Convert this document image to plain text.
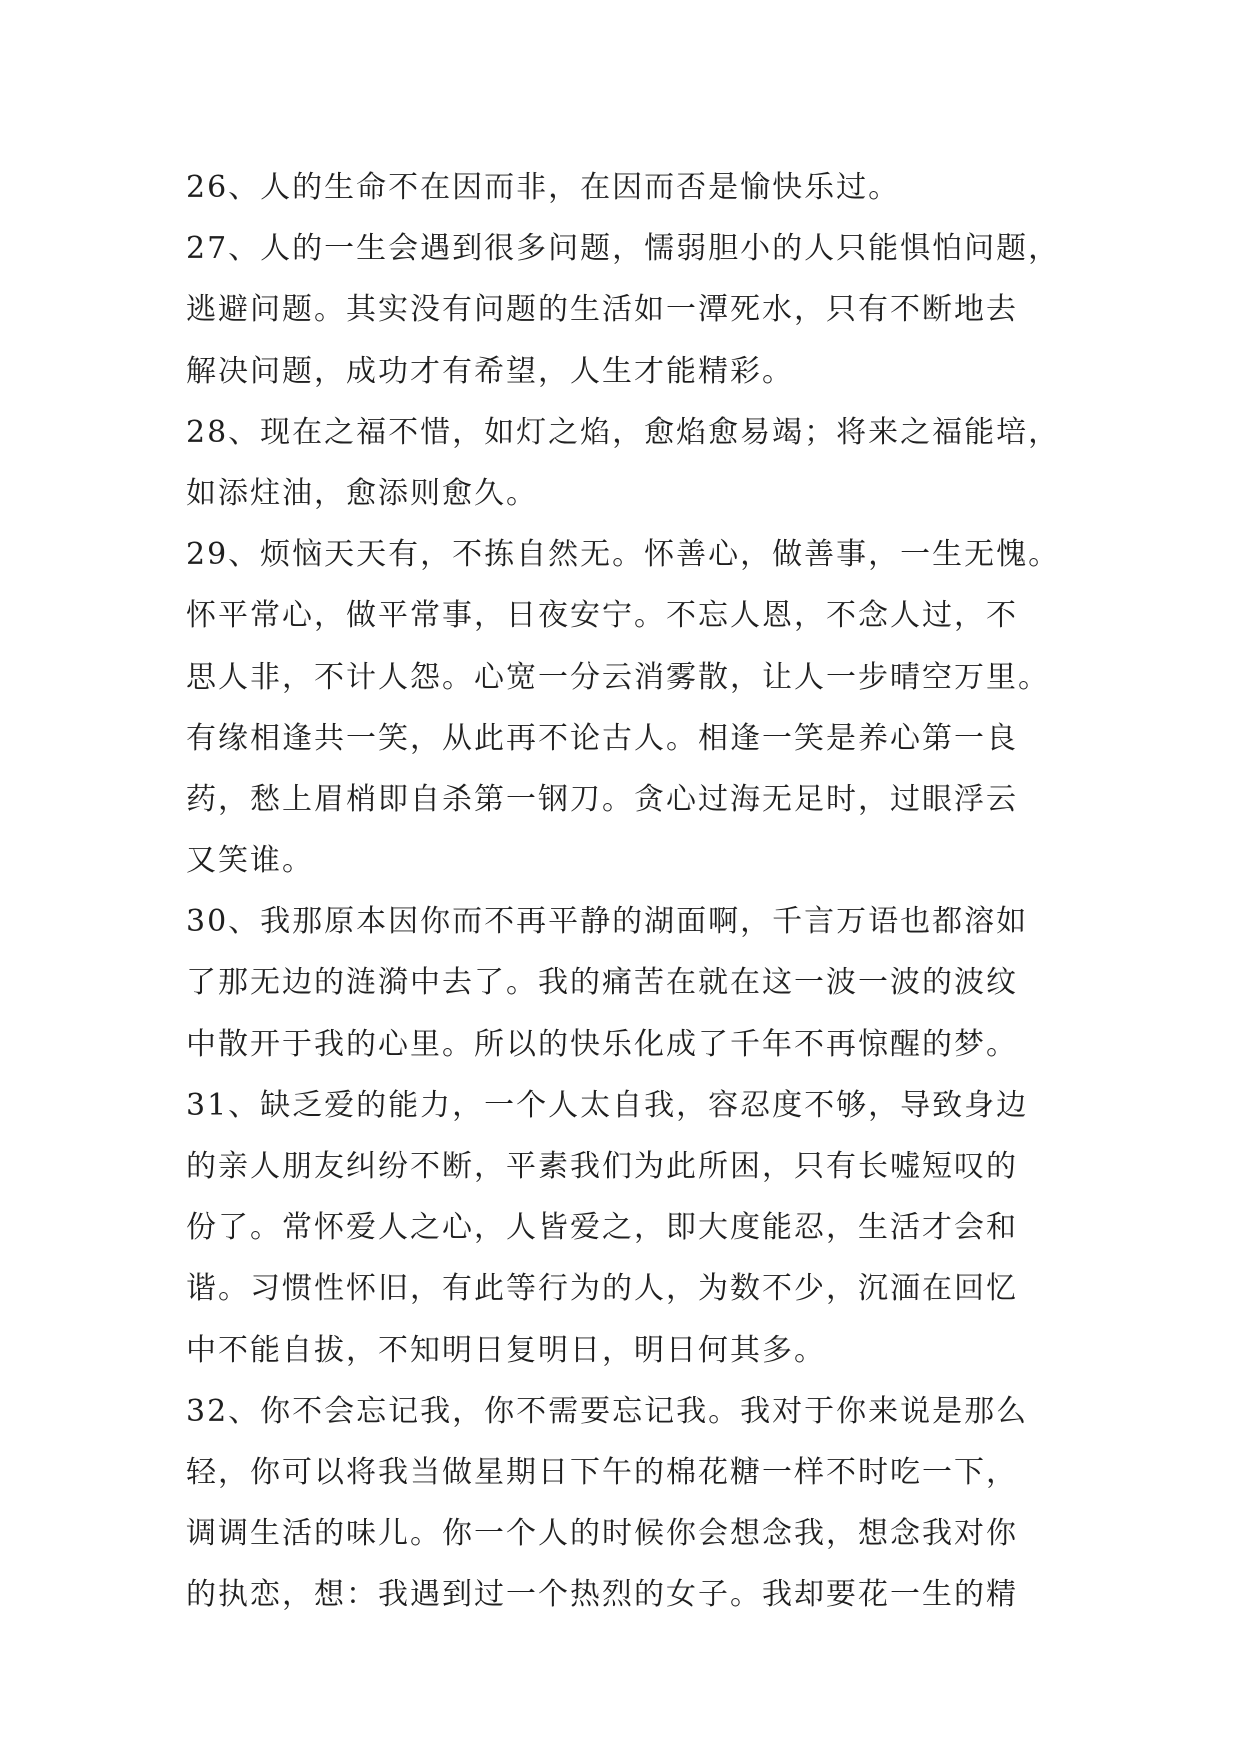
26、人的生命不在因而非，在因而否是愉快乐过。
27、人的一生会遇到很多问题，懦弱胆小的人只能惧怕问题，
逃避问题。其实没有问题的生活如一潭死水，只有不断地去
解决问题，成功才有希望，人生才能精彩。
28、现在之福不惜，如灯之焰，愈焰愈易竭；将来之福能培，
如添炷油，愈添则愈久。
29、烦恼天天有，不拣自然无。怀善心，做善事，一生无愧。
怀平常心，做平常事，日夜安宁。不忘人恩，不念人过，不
思人非，不计人怨。心宽一分云消雾散，让人一步晴空万里。
有缘相逢共一笑，从此再不论古人。相逢一笑是养心第一良
药，愁上眉梢即自杀第一钢刀。贪心过海无足时，过眼浮云
又笑谁。
30、我那原本因你而不再平静的湖面啊，千言万语也都溶如
了那无边的涟漪中去了。我的痛苦在就在这一波一波的波纹
中散开于我的心里。所以的快乐化成了千年不再惊醒的梦。
31、缺乏爱的能力，一个人太自我，容忍度不够，导致身边
的亲人朋友纠纷不断，平素我们为此所困，只有长嘘短叹的
份了。常怀爱人之心，人皆爱之，即大度能忍，生活才会和
谐。习惯性怀旧，有此等行为的人，为数不少，沉湎在回忆
中不能自拔，不知明日复明日，明日何其多。
32、你不会忘记我，你不需要忘记我。我对于你来说是那么
轻，你可以将我当做星期日下午的棉花糖一样不时吃一下，
调调生活的味儿。你一个人的时候你会想念我，想念我对你
的执恋，想：我遇到过一个热烈的女子。我却要花一生的精
